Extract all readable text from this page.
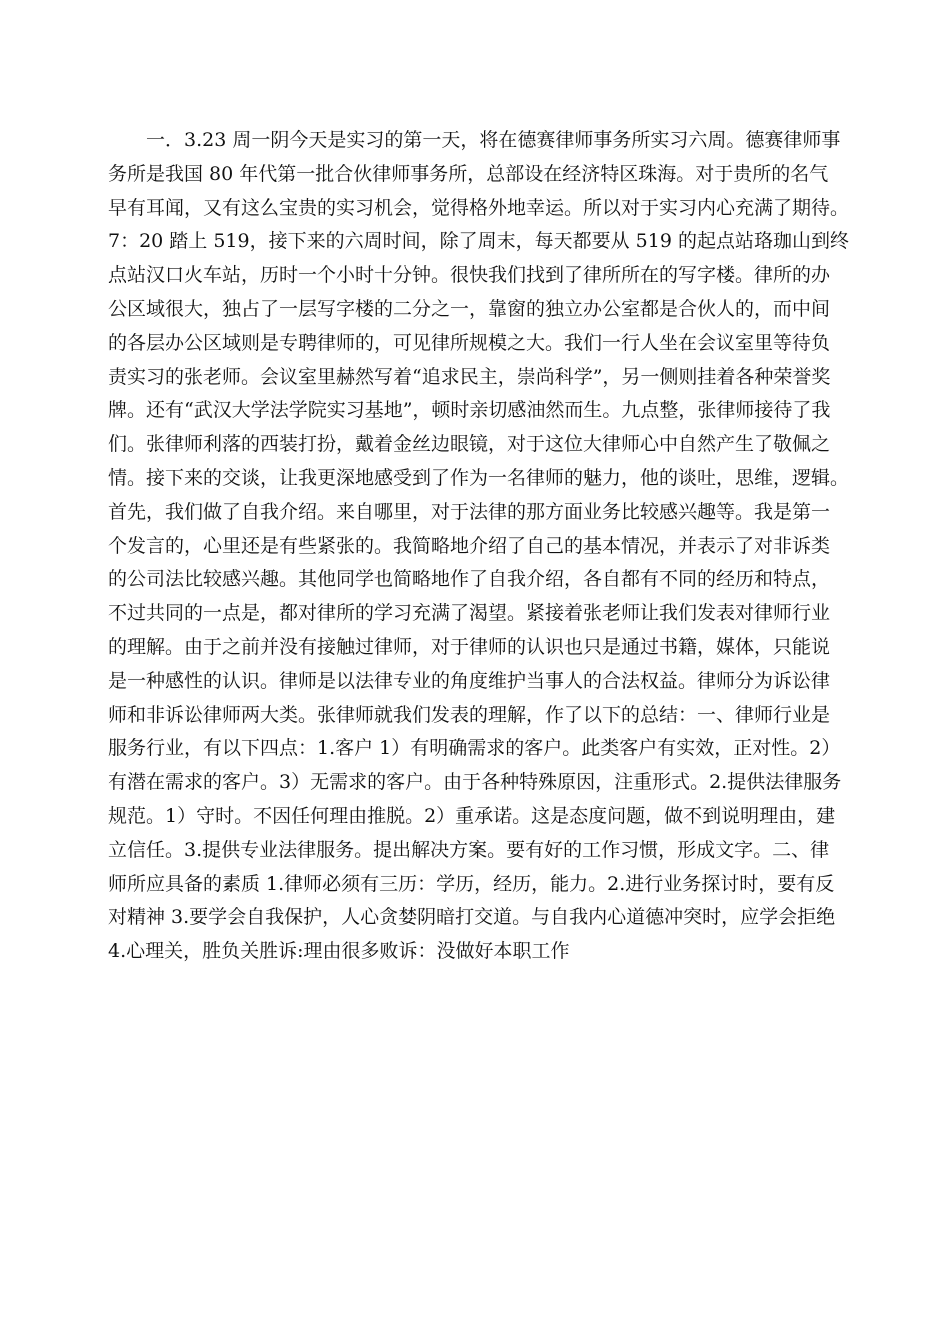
　　一．3.23 周一阴今天是实习的第一天，将在德赛律师事务所实习六周。德赛律师事
务所是我国 80 年代第一批合伙律师事务所，总部设在经济特区珠海。对于贵所的名气
早有耳闻，又有这么宝贵的实习机会，觉得格外地幸运。所以对于实习内心充满了期待。
7：20 踏上 519，接下来的六周时间，除了周末，每天都要从 519 的起点站珞珈山到终
点站汉口火车站，历时一个小时十分钟。很快我们找到了律所所在的写字楼。律所的办
公区域很大，独占了一层写字楼的二分之一，靠窗的独立办公室都是合伙人的，而中间
的各层办公区域则是专聘律师的，可见律所规模之大。我们一行人坐在会议室里等待负
责实习的张老师。会议室里赫然写着“追求民主，崇尚科学”，另一侧则挂着各种荣誉奖
牌。还有“武汉大学法学院实习基地”，顿时亲切感油然而生。九点整，张律师接待了我
们。张律师利落的西装打扮，戴着金丝边眼镜，对于这位大律师心中自然产生了敬佩之
情。接下来的交谈，让我更深地感受到了作为一名律师的魅力，他的谈吐，思维，逻辑。
首先，我们做了自我介绍。来自哪里，对于法律的那方面业务比较感兴趣等。我是第一
个发言的，心里还是有些紧张的。我简略地介绍了自己的基本情况，并表示了对非诉类
的公司法比较感兴趣。其他同学也简略地作了自我介绍，各自都有不同的经历和特点，
不过共同的一点是，都对律所的学习充满了渴望。紧接着张老师让我们发表对律师行业
的理解。由于之前并没有接触过律师，对于律师的认识也只是通过书籍，媒体，只能说
是一种感性的认识。律师是以法律专业的角度维护当事人的合法权益。律师分为诉讼律
师和非诉讼律师两大类。张律师就我们发表的理解，作了以下的总结：一、律师行业是
服务行业，有以下四点：1.客户 1）有明确需求的客户。此类客户有实效，正对性。2）
有潜在需求的客户。3）无需求的客户。由于各种特殊原因，注重形式。2.提供法律服务
规范。1）守时。不因任何理由推脱。2）重承诺。这是态度问题，做不到说明理由，建
立信任。3.提供专业法律服务。提出解决方案。要有好的工作习惯，形成文字。二、律
师所应具备的素质 1.律师必须有三历：学历，经历，能力。2.进行业务探讨时，要有反
对精神 3.要学会自我保护，人心贪婪阴暗打交道。与自我内心道德冲突时，应学会拒绝
4.心理关，胜负关胜诉:理由很多败诉：没做好本职工作
